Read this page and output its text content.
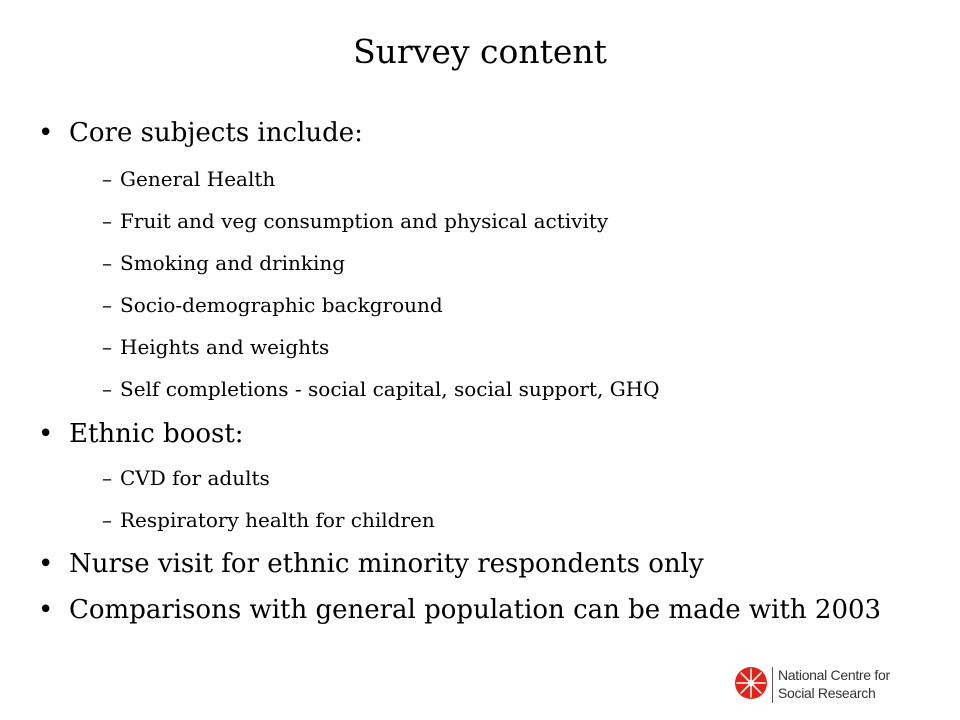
Survey content
• Core subjects include:
– General Health
– Fruit and veg consumption and physical activity
– Smoking and drinking
– Socio-demographic background
– Heights and weights
– Self completions - social capital, social support, GHQ
• Ethnic boost:
– CVD for adults
– Respiratory health for children
• Nurse visit for ethnic minority respondents only
• Comparisons with general population can be made with 2003
National Centre for
Social Research
